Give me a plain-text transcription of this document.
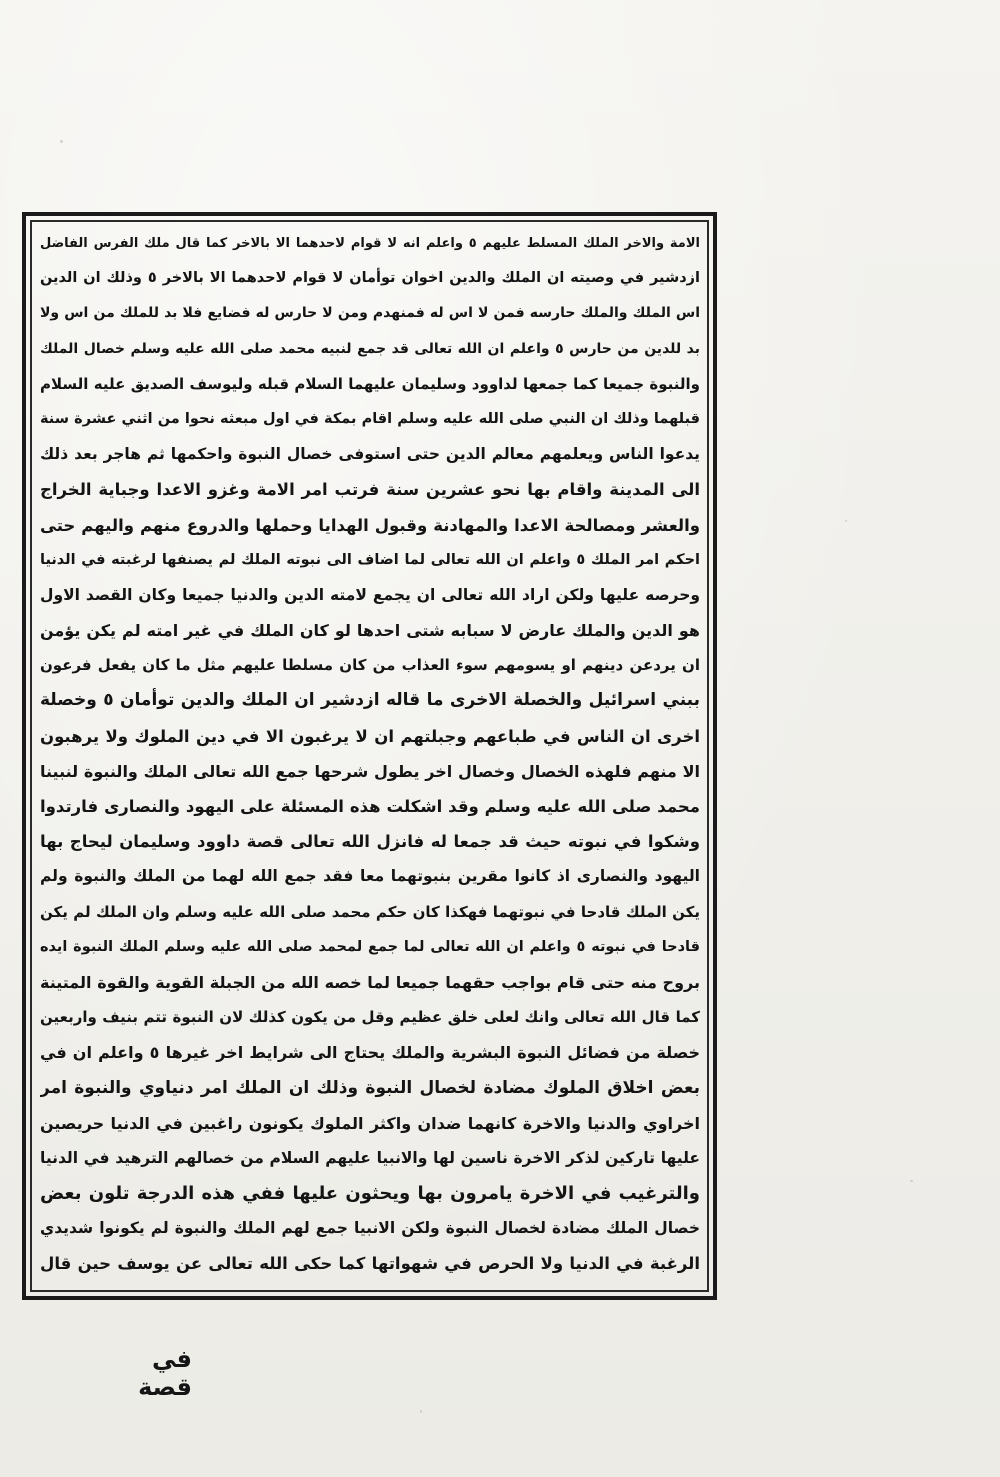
الامة والاخر الملك المسلط عليهم ٥ واعلم انه لا قوام لاحدهما الا بالاخر كما قال ملك الفرس الفاضل
ازدشير في وصيته ان الملك والدين اخوان توأمان لا قوام لاحدهما الا بالاخر ٥ وذلك ان الدين
اس الملك والملك حارسه فمن لا اس له فمنهدم ومن لا حارس له فضايع فلا بد للملك من اس ولا
بد للدين من حارس ٥ واعلم ان الله تعالى قد جمع لنبيه محمد صلى الله عليه وسلم خصال الملك
والنبوة جميعا كما جمعها لداوود وسليمان عليهما السلام قبله وليوسف الصديق عليه السلام
قبلهما وذلك ان النبي صلى الله عليه وسلم اقام بمكة في اول مبعثه نحوا من اثني عشرة سنة
يدعوا الناس ويعلمهم معالم الدين حتى استوفى خصال النبوة واحكمها ثم هاجر بعد ذلك
الى المدينة واقام بها نحو عشرين سنة فرتب امر الامة وغزو الاعدا وجباية الخراج
والعشر ومصالحة الاعدا والمهادنة وقبول الهدايا وحملها والدروع منهم واليهم حتى
احكم امر الملك ٥ واعلم ان الله تعالى لما اضاف الى نبوته الملك لم يصنفها لرغبته في الدنيا
وحرصه عليها ولكن اراد الله تعالى ان يجمع لامته الدين والدنيا جميعا وكان القصد الاول
هو الدين والملك عارض لا سبابه شتى احدها لو كان الملك في غير امته لم يكن يؤمن
ان يردعن دينهم او يسومهم سوء العذاب من كان مسلطا عليهم مثل ما كان يفعل فرعون
ببني اسرائيل والخصلة الاخرى ما قاله ازدشير ان الملك والدين توأمان ٥ وخصلة
اخرى ان الناس في طباعهم وجبلتهم ان لا يرغبون الا في دين الملوك ولا يرهبون
الا منهم فلهذه الخصال وخصال اخر يطول شرحها جمع الله تعالى الملك والنبوة لنبينا
محمد صلى الله عليه وسلم وقد اشكلت هذه المسئلة على اليهود والنصارى فارتدوا
وشكوا في نبوته حيث قد جمعا له فانزل الله تعالى قصة داوود وسليمان ليحاج بها
اليهود والنصارى اذ كانوا مقرين بنبوتهما معا فقد جمع الله لهما من الملك والنبوة ولم
يكن الملك قادحا في نبوتهما فهكذا كان حكم محمد صلى الله عليه وسلم وان الملك لم يكن
قادحا في نبوته ٥ واعلم ان الله تعالى لما جمع لمحمد صلى الله عليه وسلم الملك النبوة ايده
بروح منه حتى قام بواجب حقهما جميعا لما خصه الله من الجبلة القوية والقوة المتينة
كما قال الله تعالى وانك لعلى خلق عظيم وقل من يكون كذلك لان النبوة تتم بنيف واربعين
خصلة من فضائل النبوة البشرية والملك يحتاج الى شرايط اخر غيرها ٥ واعلم ان في
بعض اخلاق الملوك مضادة لخصال النبوة وذلك ان الملك امر دنياوي والنبوة امر
اخراوي والدنيا والاخرة كانهما ضدان واكثر الملوك يكونون راغبين في الدنيا حريصين
عليها تاركين لذكر الاخرة ناسين لها والانبيا عليهم السلام من خصالهم الترهيد في الدنيا
والترغيب في الاخرة يامرون بها ويحثون عليها ففي هذه الدرجة تلون بعض
خصال الملك مضادة لخصال النبوة ولكن الانبيا جمع لهم الملك والنبوة لم يكونوا شديدي
الرغبة في الدنيا ولا الحرص في شهواتها كما حكى الله تعالى عن يوسف حين قال
في قصة
